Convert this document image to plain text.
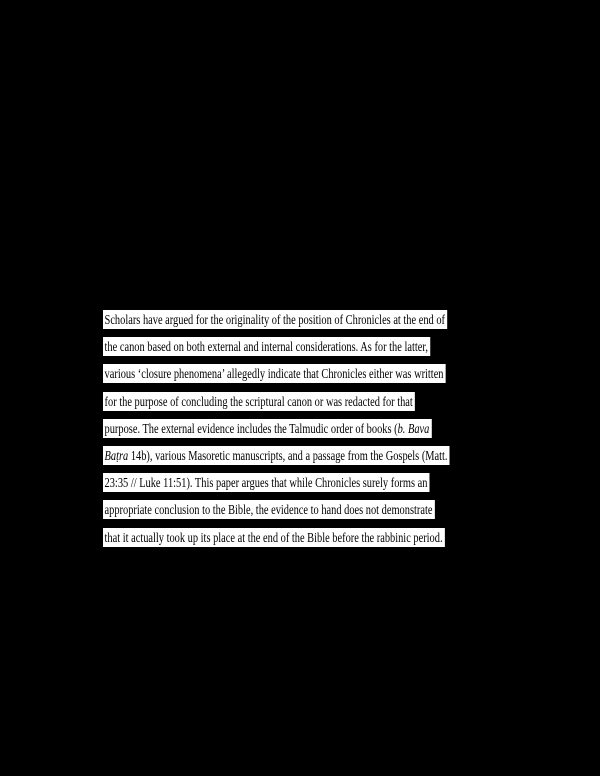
Scholars have argued for the originality of the position of Chronicles at the end of
the canon based on both external and internal considerations. As for the latter,
various ‘closure phenomena’ allegedly indicate that Chronicles either was written
for the purpose of concluding the scriptural canon or was redacted for that
purpose. The external evidence includes the Talmudic order of books (b. Bava
Baṭra 14b), various Masoretic manuscripts, and a passage from the Gospels (Matt.
23:35 // Luke 11:51). This paper argues that while Chronicles surely forms an
appropriate conclusion to the Bible, the evidence to hand does not demonstrate
that it actually took up its place at the end of the Bible before the rabbinic period.
